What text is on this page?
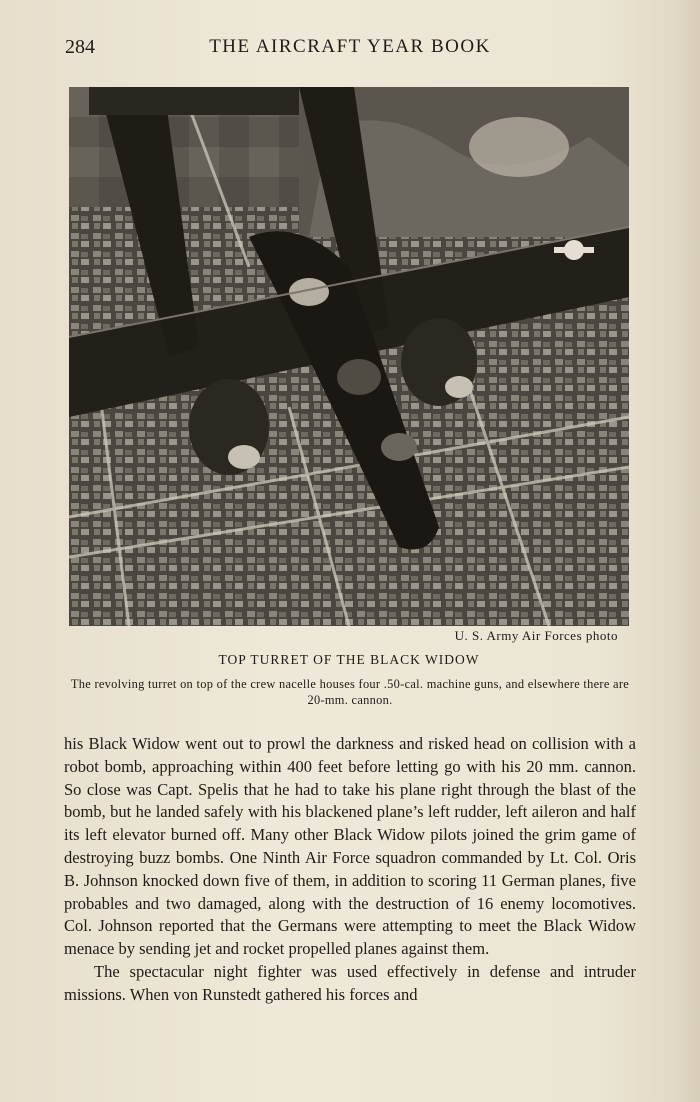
284	THE AIRCRAFT YEAR BOOK
U. S. Army Air Forces photo
TOP TURRET OF THE BLACK WIDOW
The revolving turret on top of the crew nacelle houses four .50-cal. machine guns, and elsewhere there are 20-mm. cannon.

his Black Widow went out to prowl the darkness and risked head on collision with a robot bomb, approaching within 400 feet before letting go with his 20 mm. cannon. So close was Capt. Spelis that he had to take his plane right through the blast of the bomb, but he landed safely with his blackened plane’s left rudder, left aileron and half its left elevator burned off. Many other Black Widow pilots joined the grim game of destroying buzz bombs. One Ninth Air Force squadron commanded by Lt. Col. Oris B. Johnson knocked down five of them, in addition to scoring 11 German planes, five probables and two damaged, along with the destruction of 16 enemy locomotives. Col. Johnson reported that the Germans were attempting to meet the Black Widow menace by sending jet and rocket propelled planes against them.

The spectacular night fighter was used effectively in defense and intruder missions. When von Runstedt gathered his forces and
